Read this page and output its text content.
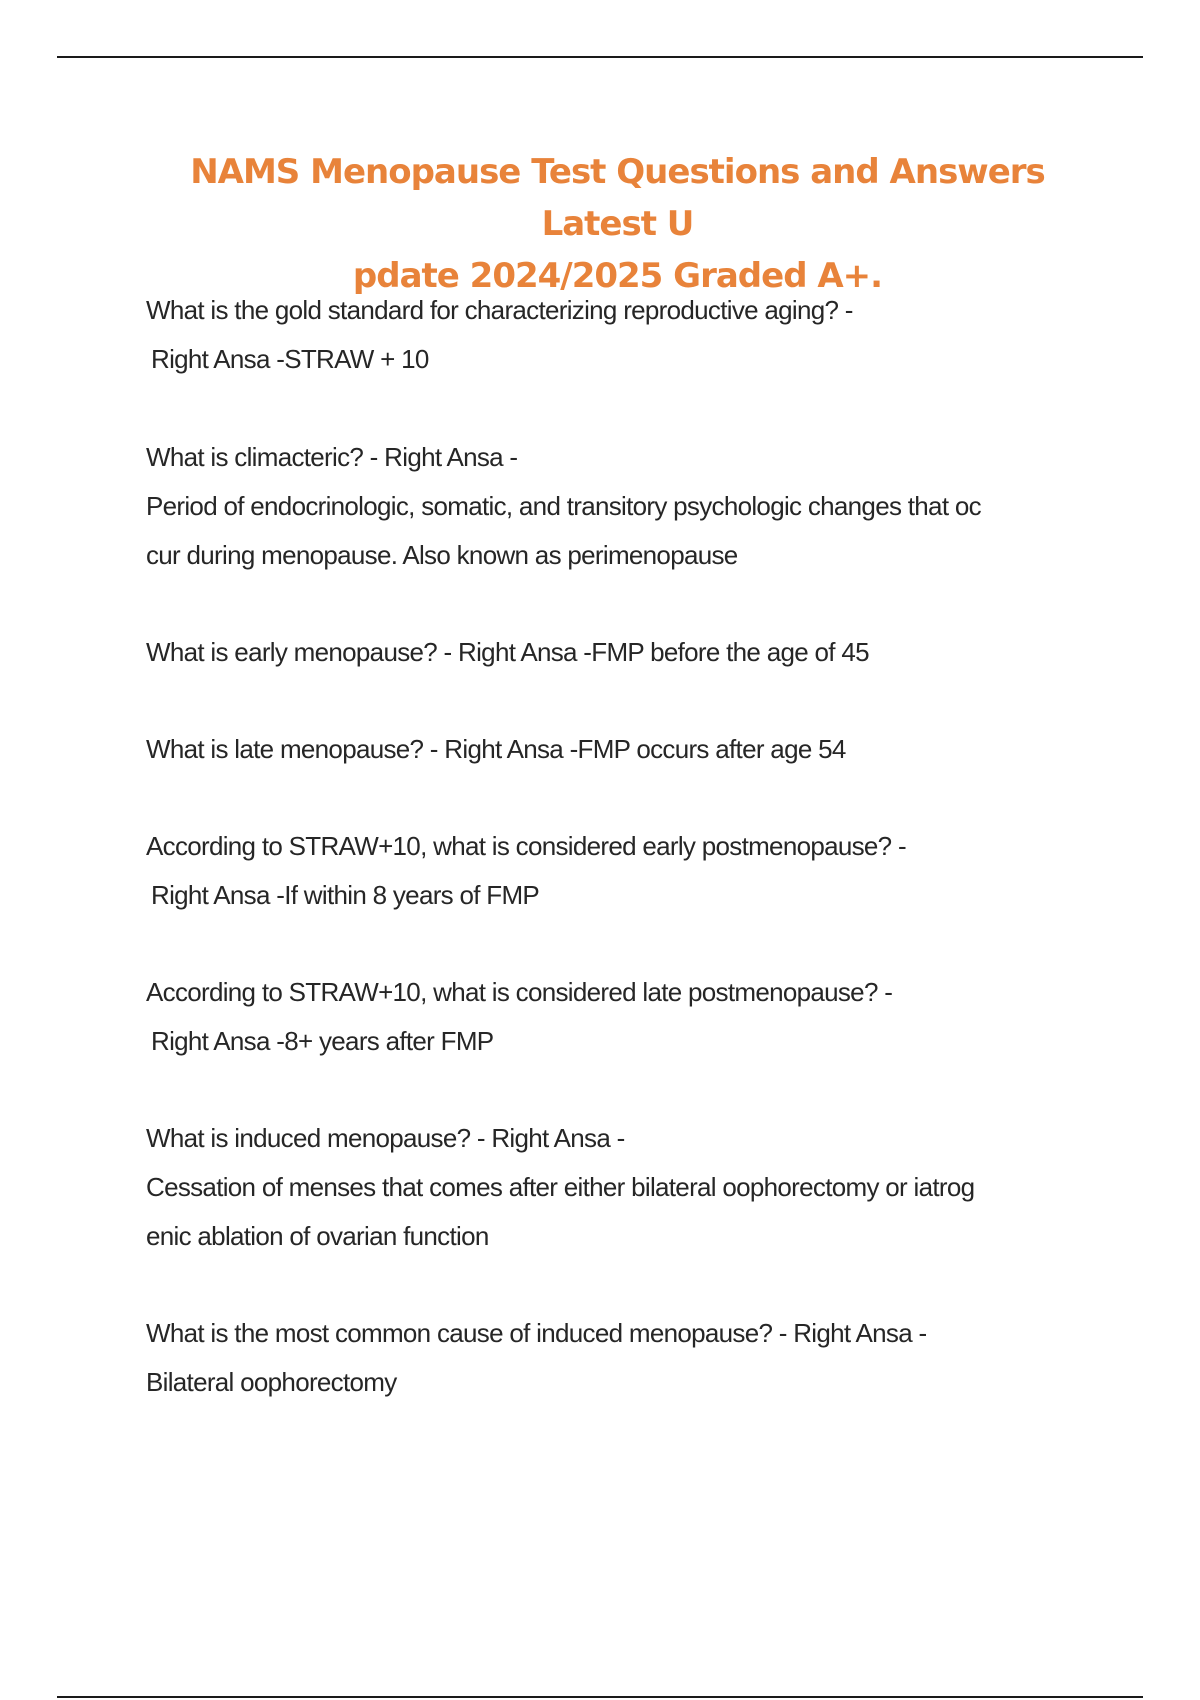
NAMS Menopause Test Questions and Answers Latest U
pdate 2024/2025 Graded A+.
What is the gold standard for characterizing reproductive aging? -
Right Ansa -STRAW + 10
What is climacteric? - Right Ansa -
Period of endocrinologic, somatic, and transitory psychologic changes that oc
cur during menopause. Also known as perimenopause
What is early menopause? - Right Ansa -FMP before the age of 45
What is late menopause? - Right Ansa -FMP occurs after age 54
According to STRAW+10, what is considered early postmenopause? -
Right Ansa -If within 8 years of FMP
According to STRAW+10, what is considered late postmenopause? -
Right Ansa -8+ years after FMP
What is induced menopause? - Right Ansa -
Cessation of menses that comes after either bilateral oophorectomy or iatrog
enic ablation of ovarian function
What is the most common cause of induced menopause? - Right Ansa -
Bilateral oophorectomy
